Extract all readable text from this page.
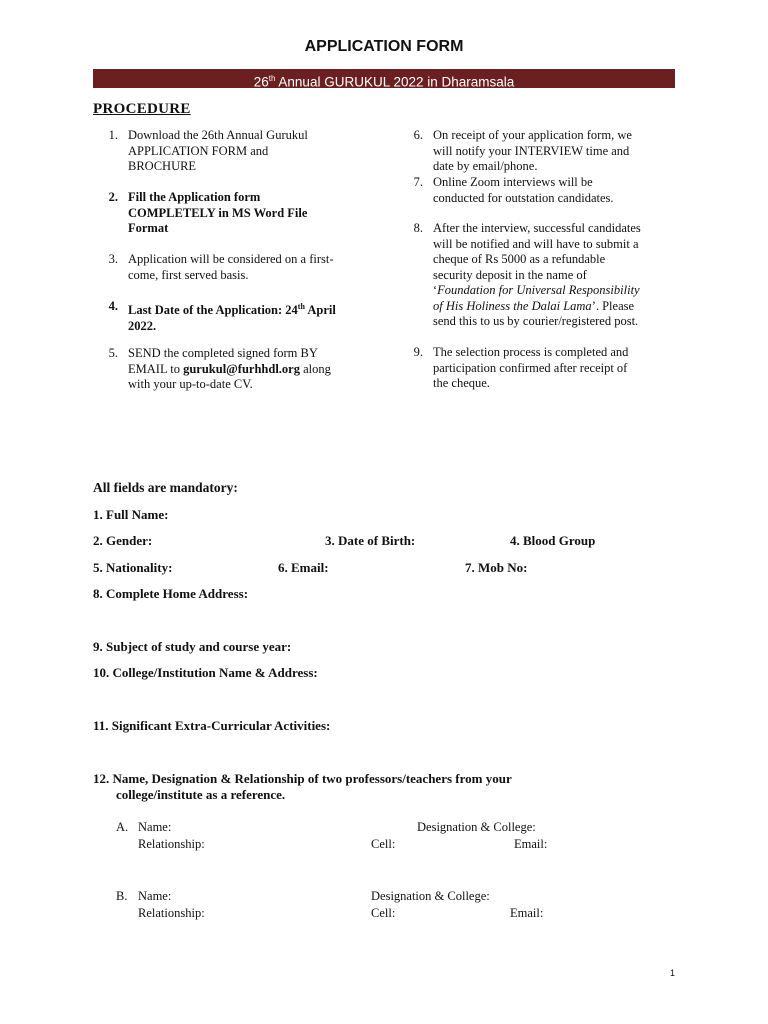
APPLICATION FORM
26th Annual GURUKUL 2022 in Dharamsala
PROCEDURE
1. Download the 26th Annual Gurukul
APPLICATION FORM and
BROCHURE
2. Fill the Application form
COMPLETELY in MS Word File
Format
3. Application will be considered on a first-
come, first served basis.
4. Last Date of the Application: 24th April
2022.
5. SEND the completed signed form BY
EMAIL to gurukul@furhhdl.org along
with your up-to-date CV.
6. On receipt of your application form, we
will notify your INTERVIEW time and
date by email/phone.
7. Online Zoom interviews will be
conducted for outstation candidates.
8. After the interview, successful candidates
will be notified and will have to submit a
cheque of Rs 5000 as a refundable
security deposit in the name of
‘Foundation for Universal Responsibility
of His Holiness the Dalai Lama’. Please
send this to us by courier/registered post.
9. The selection process is completed and
participation confirmed after receipt of
the cheque.
All fields are mandatory:
1. Full Name:
2. Gender:	3. Date of Birth:	4. Blood Group
5. Nationality:	6. Email:	7. Mob No:
8. Complete Home Address:
9. Subject of study and course year:
10. College/Institution Name & Address:
11. Significant Extra-Curricular Activities:
12. Name, Designation & Relationship of two professors/teachers from your
college/institute as a reference.
A. Name:	Designation & College:
Relationship:	Cell:	Email:
B. Name:	Designation & College:
Relationship:	Cell:	Email:
1
